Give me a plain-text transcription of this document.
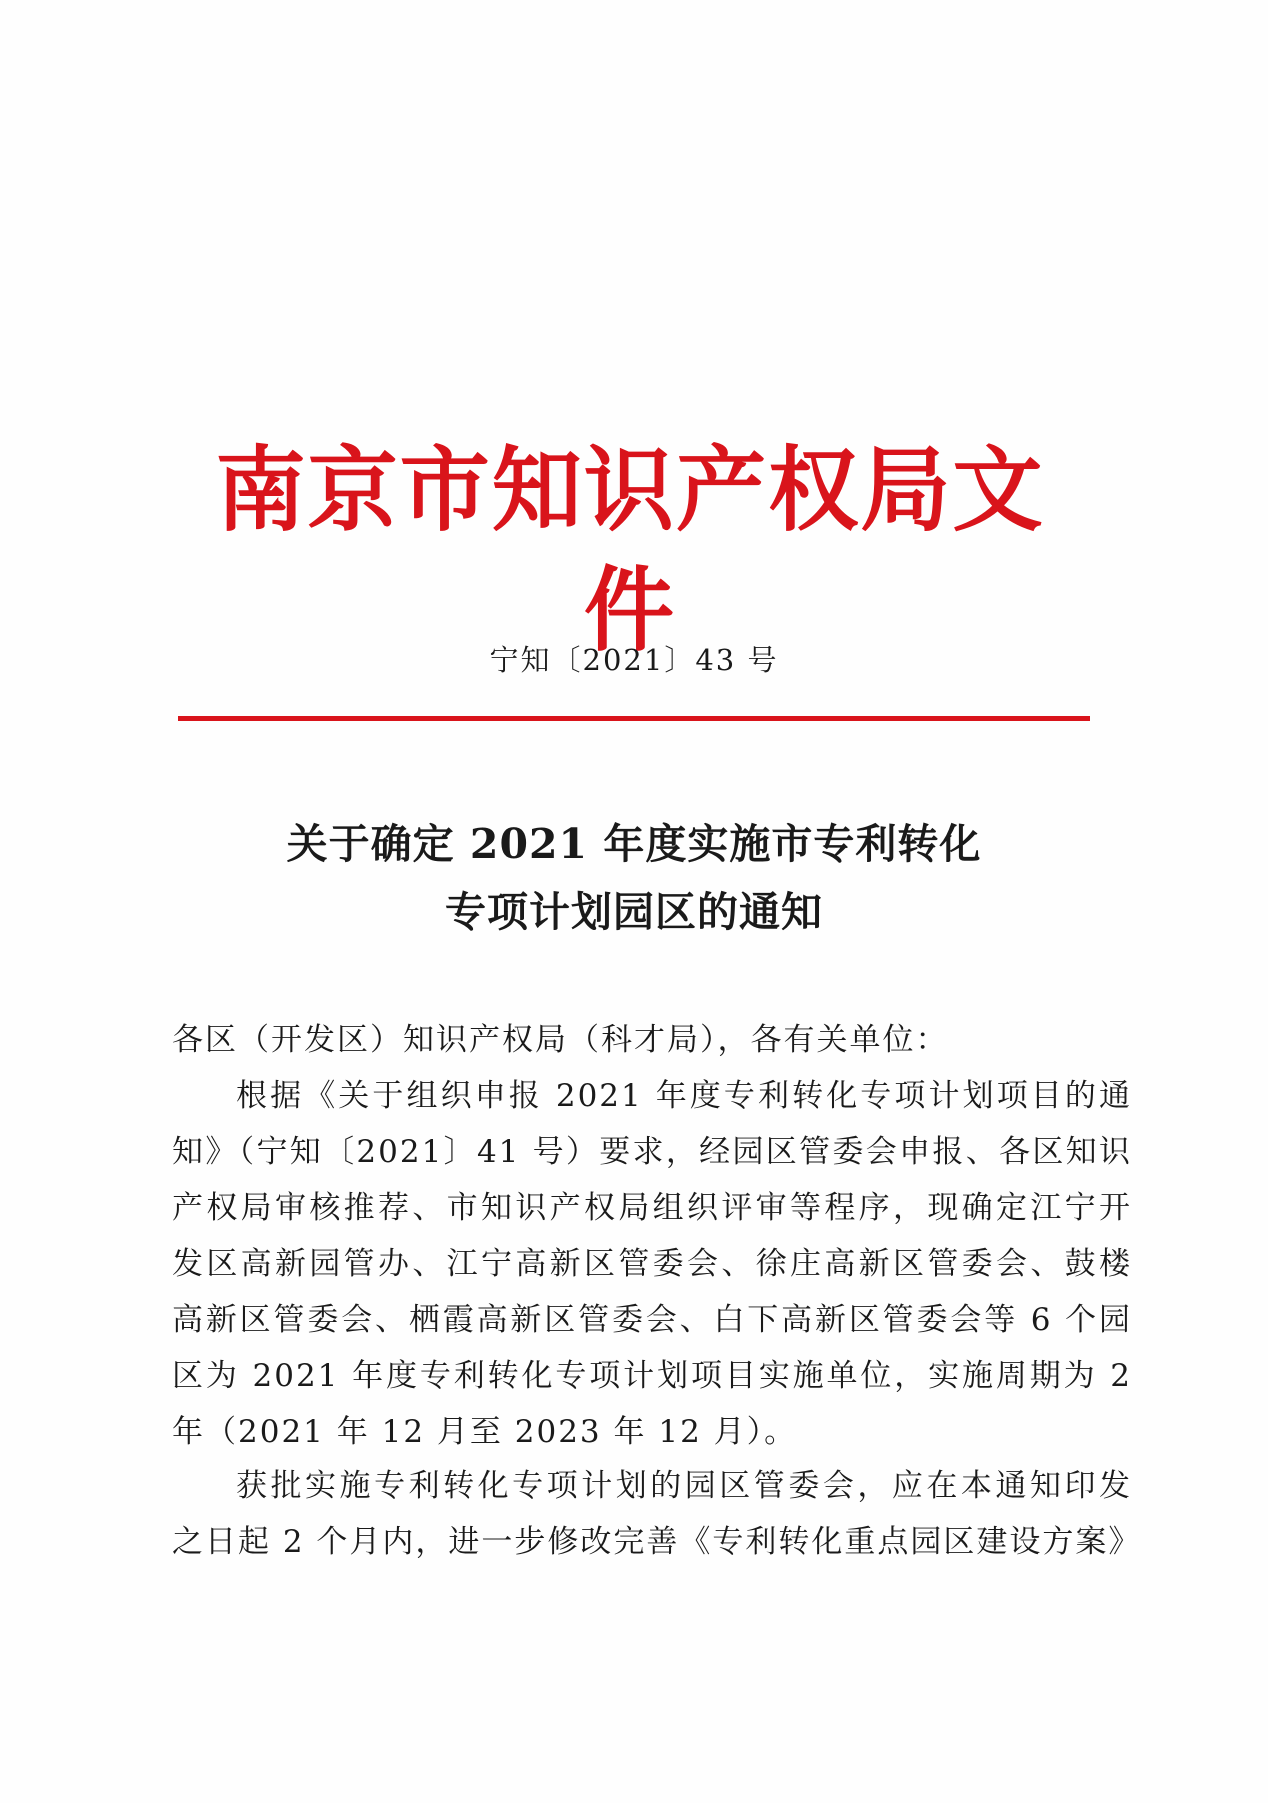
南京市知识产权局文件
宁知〔2021〕43 号
关于确定 2021 年度实施市专利转化
专项计划园区的通知
各区（开发区）知识产权局（科才局），各有关单位：
根据《关于组织申报 2021 年度专利转化专项计划项目的通
知》（宁知〔2021〕41 号）要求，经园区管委会申报、各区知识
产权局审核推荐、市知识产权局组织评审等程序，现确定江宁开
发区高新园管办、江宁高新区管委会、徐庄高新区管委会、鼓楼
高新区管委会、栖霞高新区管委会、白下高新区管委会等 6 个园
区为 2021 年度专利转化专项计划项目实施单位，实施周期为 2
年（2021 年 12 月至 2023 年 12 月）。
获批实施专利转化专项计划的园区管委会，应在本通知印发
之日起 2 个月内，进一步修改完善《专利转化重点园区建设方案》
